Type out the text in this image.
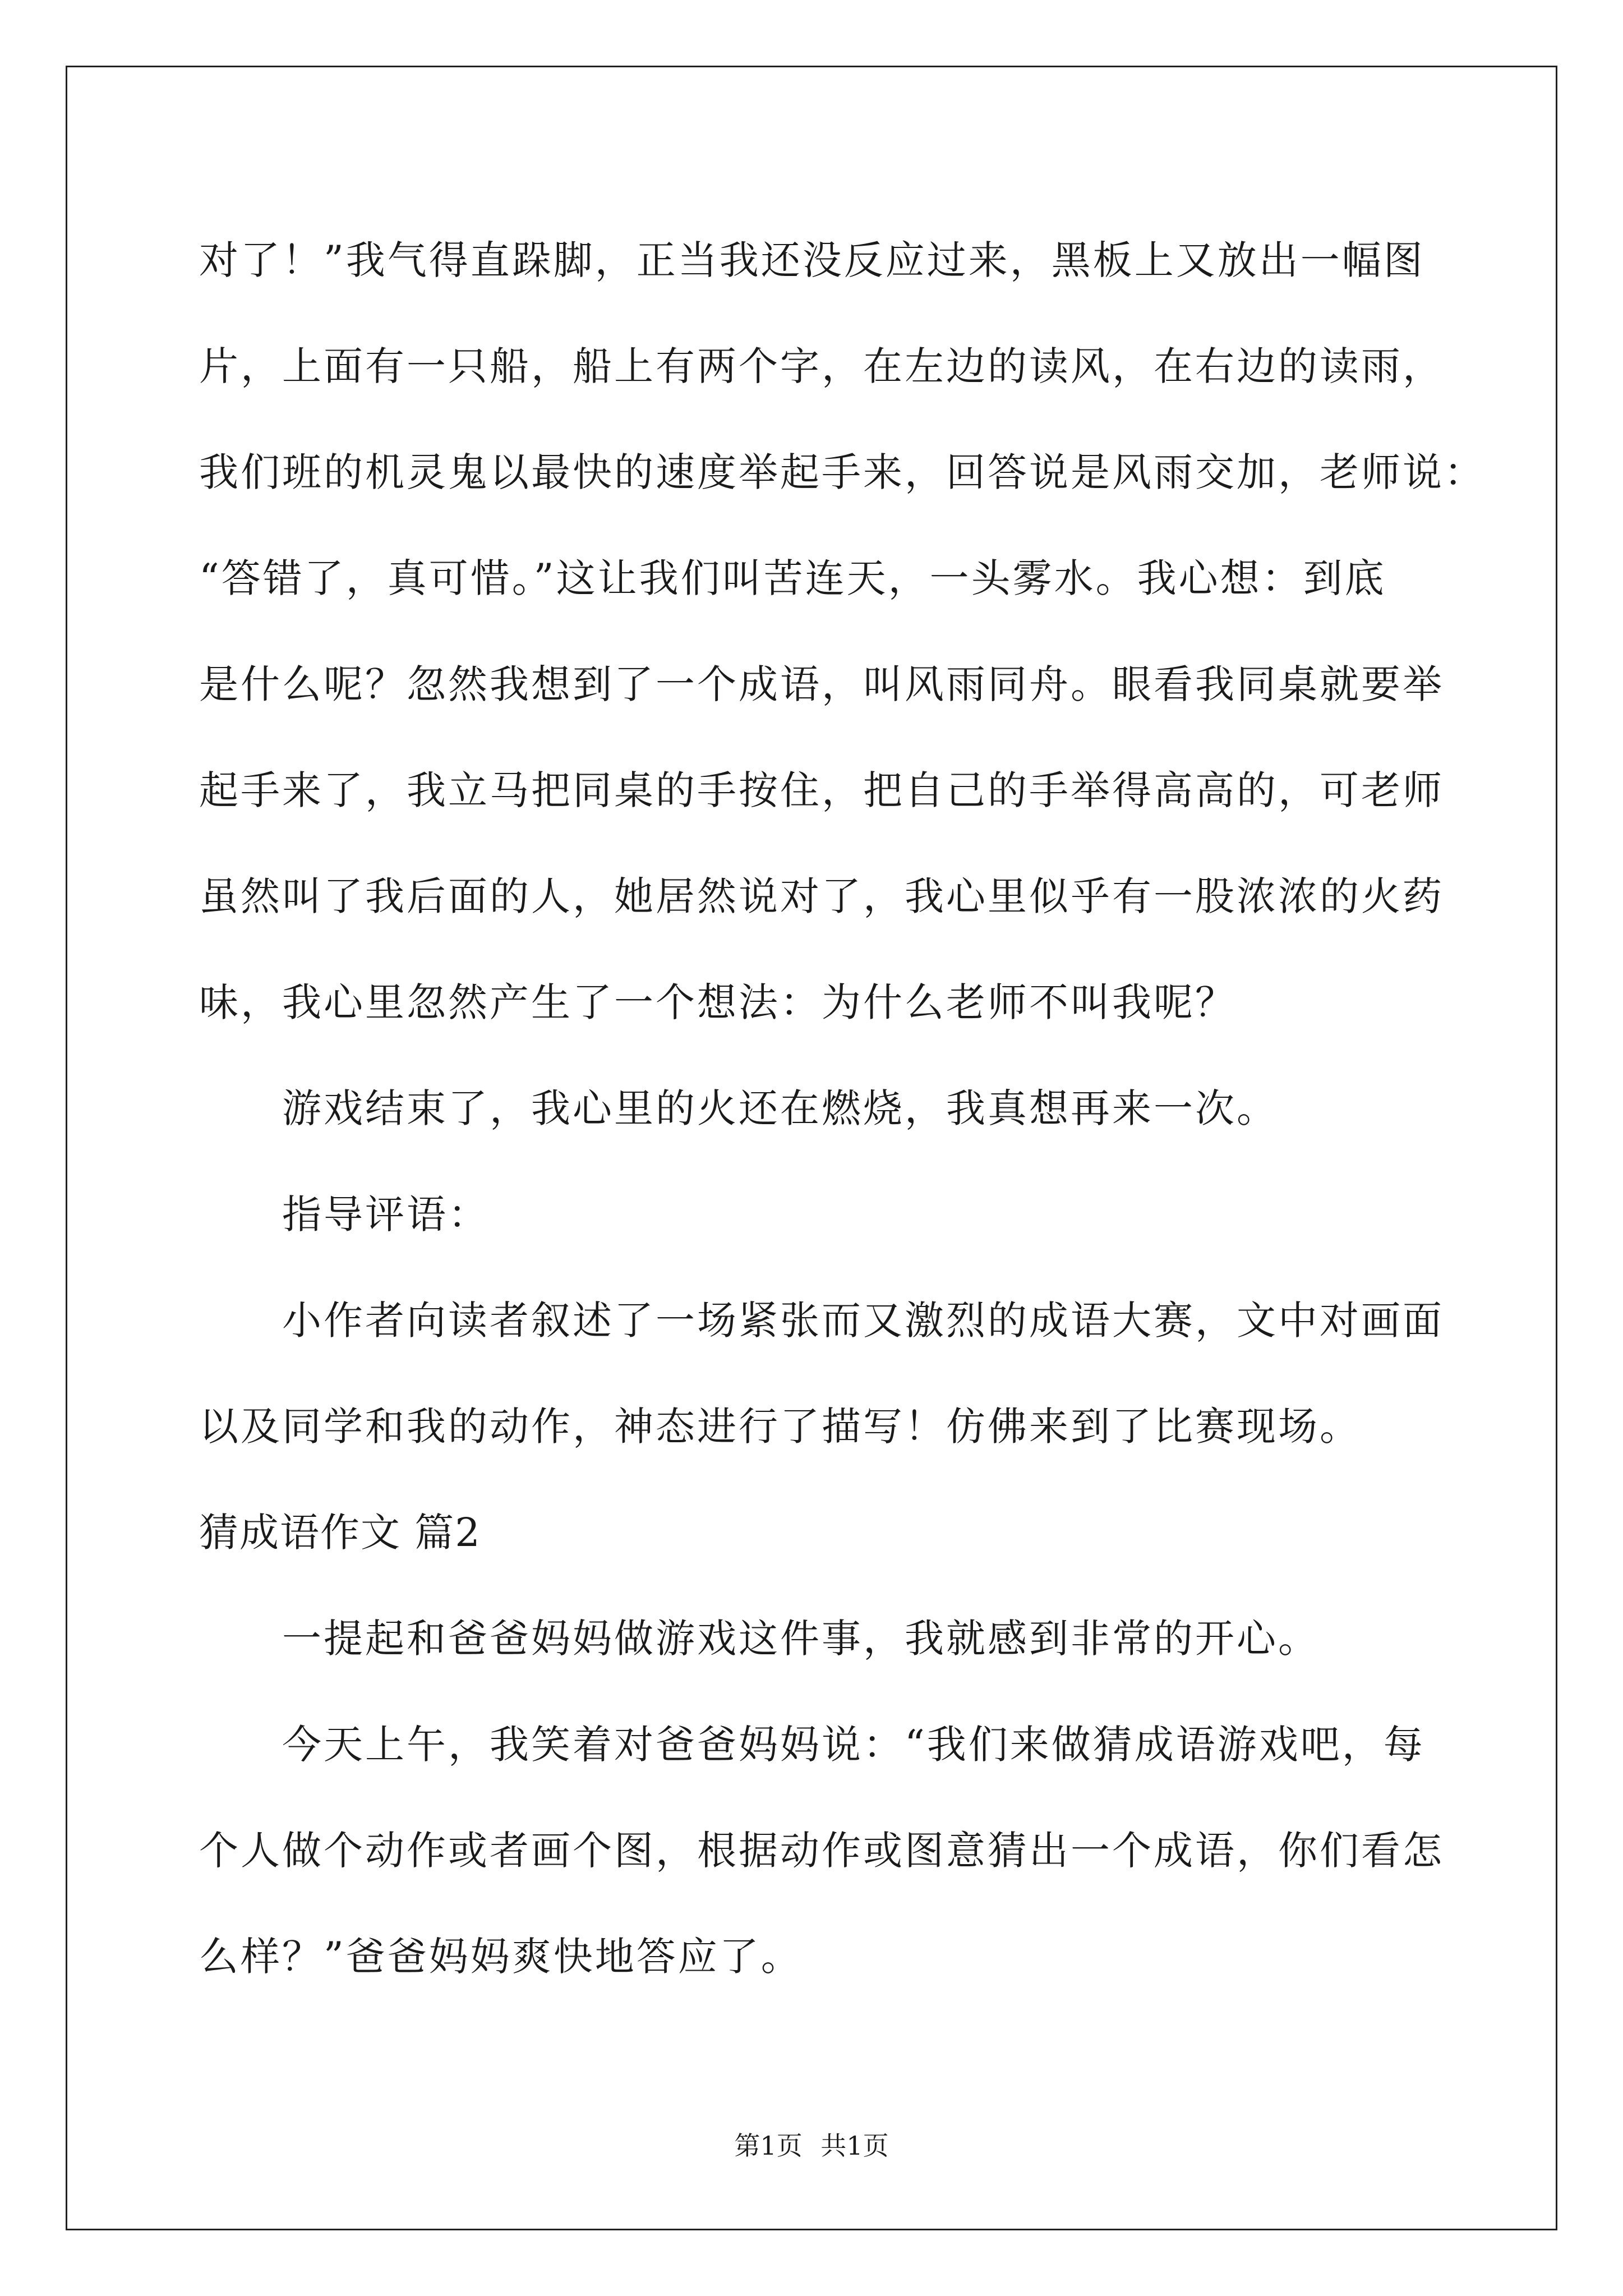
对了！”我气得直跺脚，正当我还没反应过来，黑板上又放出一幅图
片，上面有一只船，船上有两个字，在左边的读风，在右边的读雨，
我们班的机灵鬼以最快的速度举起手来，回答说是风雨交加，老师说：
“答错了，真可惜。”这让我们叫苦连天，一头雾水。我心想：到底
是什么呢？忽然我想到了一个成语，叫风雨同舟。眼看我同桌就要举
起手来了，我立马把同桌的手按住，把自己的手举得高高的，可老师
虽然叫了我后面的人，她居然说对了，我心里似乎有一股浓浓的火药
味，我心里忽然产生了一个想法：为什么老师不叫我呢？
游戏结束了，我心里的火还在燃烧，我真想再来一次。
指导评语：
小作者向读者叙述了一场紧张而又激烈的成语大赛，文中对画面
以及同学和我的动作，神态进行了描写！仿佛来到了比赛现场。
猜成语作文 篇2
一提起和爸爸妈妈做游戏这件事，我就感到非常的开心。
今天上午，我笑着对爸爸妈妈说：“我们来做猜成语游戏吧，每
个人做个动作或者画个图，根据动作或图意猜出一个成语，你们看怎
么样？”爸爸妈妈爽快地答应了。
第1页 共1页
